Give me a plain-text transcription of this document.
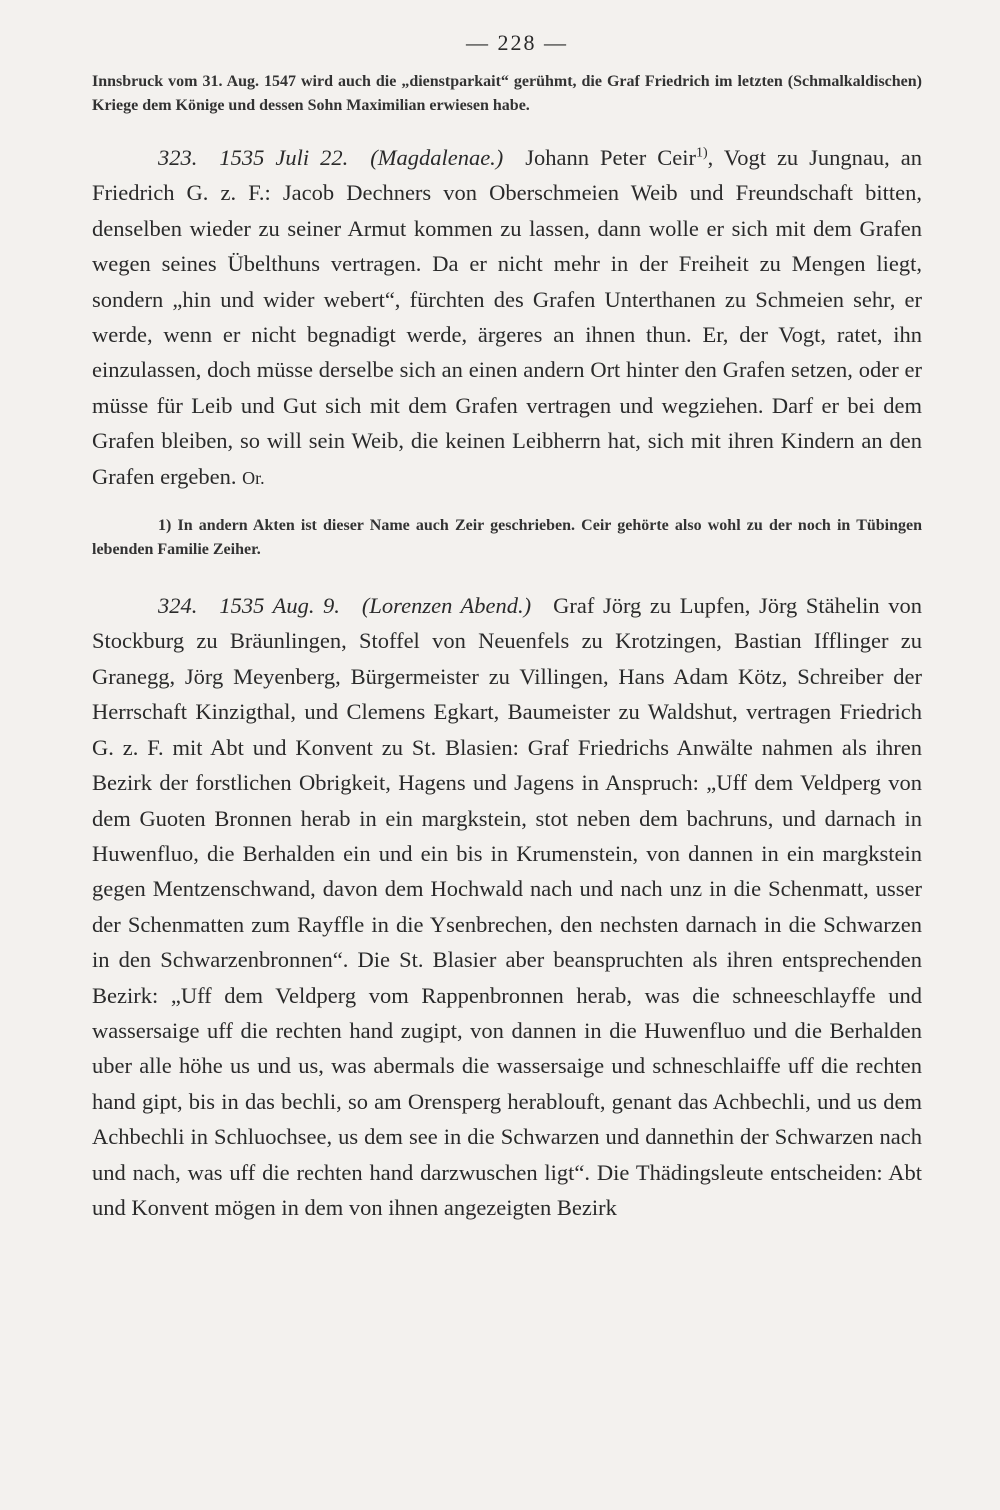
— 228 —

Innsbruck vom 31. Aug. 1547 wird auch die „dienstparkait“ gerühmt, die Graf Friedrich im letzten (Schmalkaldischen) Kriege dem Könige und dessen Sohn Maximilian erwiesen habe.

323. 1535 Juli 22. (Magdalenae.) Johann Peter Ceir$^{1)}$, Vogt zu Jungnau, an Friedrich G. z. F.: Jacob Dechners von Oberschmeien Weib und Freundschaft bitten, denselben wieder zu seiner Armut kommen zu lassen, dann wolle er sich mit dem Grafen wegen seines Übelthuns vertragen. Da er nicht mehr in der Freiheit zu Mengen liegt, sondern „hin und wider webert“, fürchten des Grafen Unterthanen zu Schmeien sehr, er werde, wenn er nicht begnadigt werde, ärgeres an ihnen thun. Er, der Vogt, ratet, ihn einzulassen, doch müsse derselbe sich an einen andern Ort hinter den Grafen setzen, oder er müsse für Leib und Gut sich mit dem Grafen vertragen und wegziehen. Darf er bei dem Grafen bleiben, so will sein Weib, die keinen Leibherrn hat, sich mit ihren Kindern an den Grafen ergeben. Or.

1) In andern Akten ist dieser Name auch Zeir geschrieben. Ceir gehörte also wohl zu der noch in Tübingen lebenden Familie Zeiher.

324. 1535 Aug. 9. (Lorenzen Abend.) Graf Jörg zu Lupfen, Jörg Stähelin von Stockburg zu Bräunlingen, Stoffel von Neuenfels zu Krotzingen, Bastian Ifflinger zu Granegg, Jörg Meyenberg, Bürgermeister zu Villingen, Hans Adam Kötz, Schreiber der Herrschaft Kinzigthal, und Clemens Egkart, Baumeister zu Waldshut, vertragen Friedrich G. z. F. mit Abt und Konvent zu St. Blasien: Graf Friedrichs Anwälte nahmen als ihren Bezirk der forstlichen Obrigkeit, Hagens und Jagens in Anspruch: „Uff dem Veldperg von dem Guoten Bronnen herab in ein margkstein, stot neben dem bachruns, und darnach in Huwenfluo, die Berhalden ein und ein bis in Krumenstein, von dannen in ein margkstein gegen Mentzenschwand, davon dem Hochwald nach und nach unz in die Schenmatt, usser der Schenmatten zum Rayffle in die Ysenbrechen, den nechsten darnach in die Schwarzen in den Schwarzenbronnen“. Die St. Blasier aber beanspruchten als ihren entsprechenden Bezirk: „Uff dem Veldperg vom Rappenbronnen herab, was die schneeschlayffe und wassersaige uff die rechten hand zugipt, von dannen in die Huwenfluo und die Berhalden uber alle höhe us und us, was abermals die wassersaige und schneschlaiffe uff die rechten hand gipt, bis in das bechli, so am Orensperg herablouft, genant das Achbechli, und us dem Achbechli in Schluochsee, us dem see in die Schwarzen und dannethin der Schwarzen nach und nach, was uff die rechten hand darzwuschen ligt“. Die Thädingsleute entscheiden: Abt und Konvent mögen in dem von ihnen angezeigten Bezirk
